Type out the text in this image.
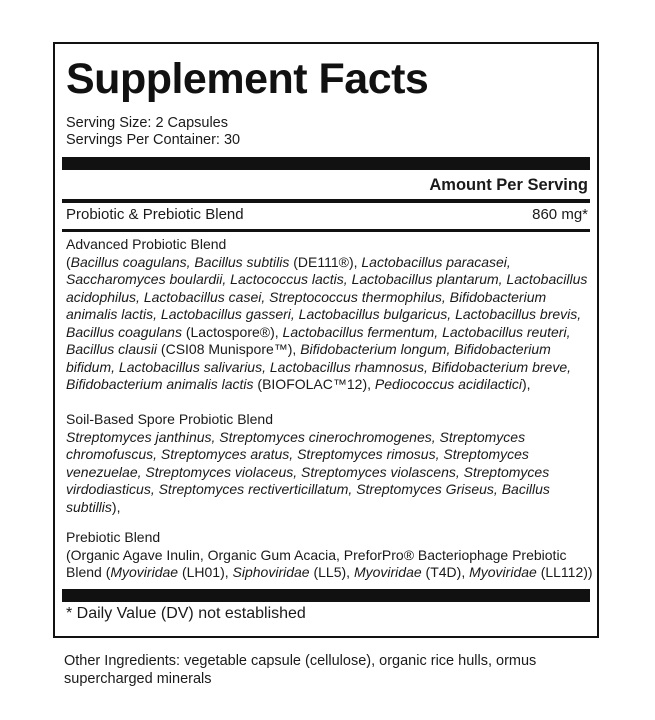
Supplement Facts
Serving Size: 2 Capsules
Servings Per Container: 30
Amount Per Serving
Probiotic & Prebiotic Blend	860 mg*
Advanced Probiotic Blend
(Bacillus coagulans, Bacillus subtilis (DE111®), Lactobacillus paracasei, Saccharomyces boulardii, Lactococcus lactis, Lactobacillus plantarum, Lactobacillus acidophilus, Lactobacillus casei, Streptococcus thermophilus, Bifidobacterium animalis lactis, Lactobacillus gasseri, Lactobacillus bulgaricus, Lactobacillus brevis, Bacillus coagulans (Lactospore®), Lactobacillus fermentum, Lactobacillus reuteri, Bacillus clausii (CSI08 Munispore™), Bifidobacterium longum, Bifidobacterium bifidum, Lactobacillus salivarius, Lactobacillus rhamnosus, Bifidobacterium breve, Bifidobacterium animalis lactis (BIOFOLAC™12), Pediococcus acidilactici),
Soil-Based Spore Probiotic Blend
Streptomyces janthinus, Streptomyces cinerochromogenes, Streptomyces chromofuscus, Streptomyces aratus, Streptomyces rimosus, Streptomyces venezuelae, Streptomyces violaceus, Streptomyces violascens, Streptomyces virdodiasticus, Streptomyces rectiverticillatum, Streptomyces Griseus, Bacillus subtillis),
Prebiotic Blend
(Organic Agave Inulin, Organic Gum Acacia, PreforPro® Bacteriophage Prebiotic Blend (Myoviridae (LH01), Siphoviridae (LL5), Myoviridae (T4D), Myoviridae (LL112))
* Daily Value (DV) not established
Other Ingredients: vegetable capsule (cellulose), organic rice hulls, ormus supercharged minerals
